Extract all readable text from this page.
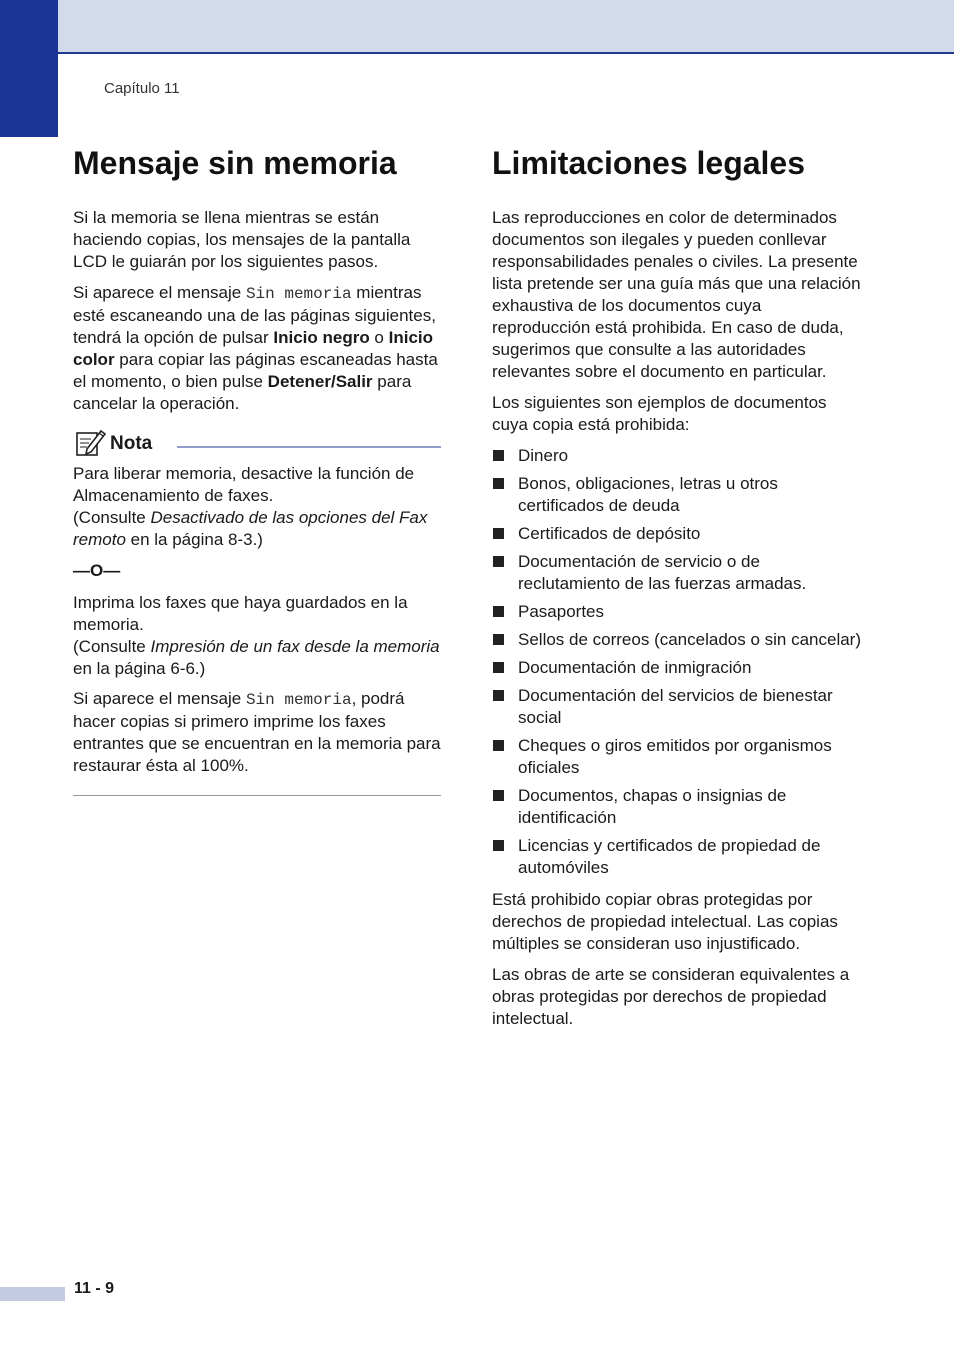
Capítulo 11
Mensaje sin memoria

Si la memoria se llena mientras se están haciendo copias, los mensajes de la pantalla LCD le guiarán por los siguientes pasos.

Si aparece el mensaje Sin memoria mientras esté escaneando una de las páginas siguientes, tendrá la opción de pulsar Inicio negro o Inicio color para copiar las páginas escaneadas hasta el momento, o bien pulse Detener/Salir para cancelar la operación.

Nota

Para liberar memoria, desactive la función de Almacenamiento de faxes.
(Consulte Desactivado de las opciones del Fax remoto en la página 8-3.)

—O—

Imprima los faxes que haya guardados en la memoria.
(Consulte Impresión de un fax desde la memoria en la página 6-6.)

Si aparece el mensaje Sin memoria, podrá hacer copias si primero imprime los faxes entrantes que se encuentran en la memoria para restaurar ésta al 100%.

Limitaciones legales

Las reproducciones en color de determinados documentos son ilegales y pueden conllevar responsabilidades penales o civiles. La presente lista pretende ser una guía más que una relación exhaustiva de los documentos cuya reproducción está prohibida. En caso de duda, sugerimos que consulte a las autoridades relevantes sobre el documento en particular.

Los siguientes son ejemplos de documentos cuya copia está prohibida:

Dinero
Bonos, obligaciones, letras u otros certificados de deuda
Certificados de depósito
Documentación de servicio o de reclutamiento de las fuerzas armadas.
Pasaportes
Sellos de correos (cancelados o sin cancelar)
Documentación de inmigración
Documentación del servicios de bienestar social
Cheques o giros emitidos por organismos oficiales
Documentos, chapas o insignias de identificación
Licencias y certificados de propiedad de automóviles

Está prohibido copiar obras protegidas por derechos de propiedad intelectual. Las copias múltiples se consideran uso injustificado.

Las obras de arte se consideran equivalentes a obras protegidas por derechos de propiedad intelectual.

11 - 9
